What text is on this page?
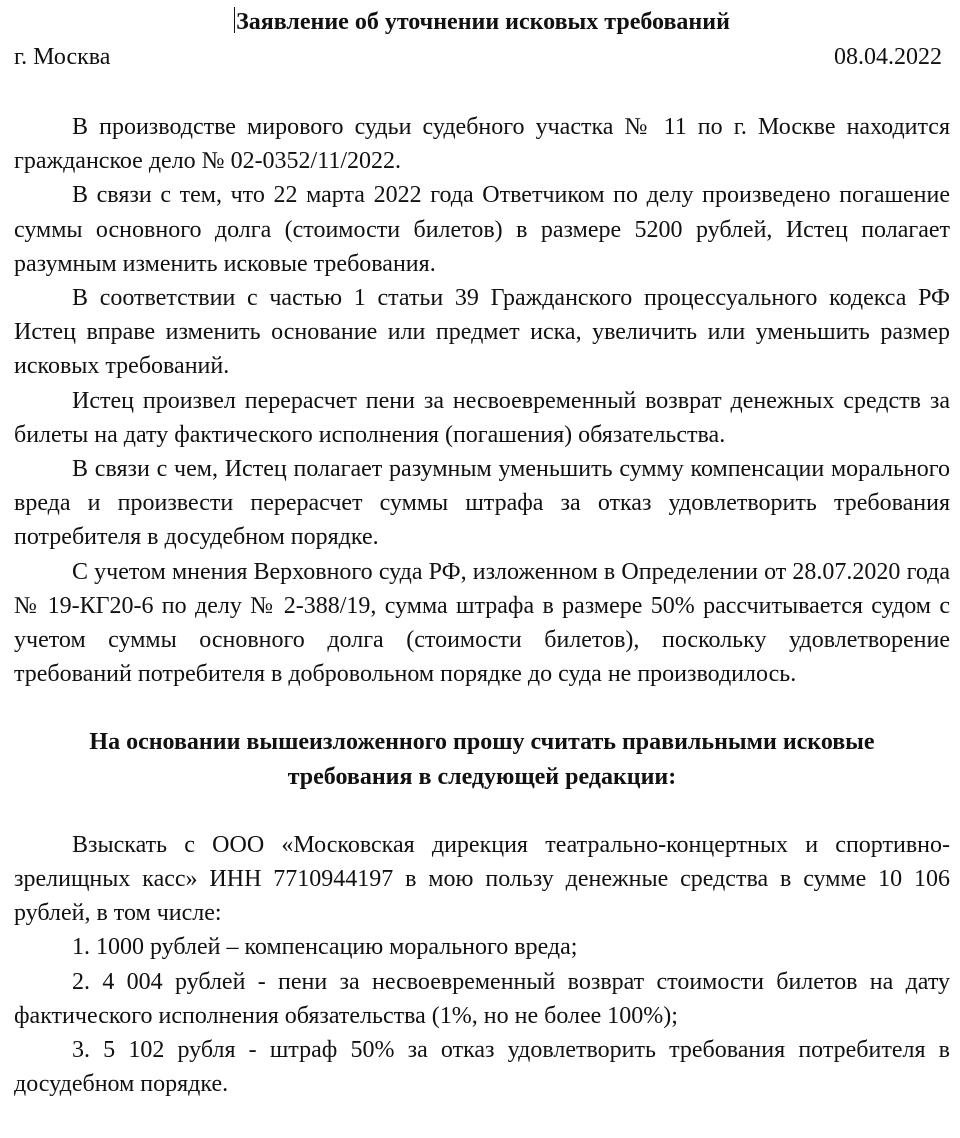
Заявление об уточнении исковых требований
г. Москва	08.04.2022

В производстве мирового судьи судебного участка № 11 по г. Москве находится гражданское дело № 02-0352/11/2022.

В связи с тем, что 22 марта 2022 года Ответчиком по делу произведено погашение суммы основного долга (стоимости билетов) в размере 5200 рублей, Истец полагает разумным изменить исковые требования.

В соответствии с частью 1 статьи 39 Гражданского процессуального кодекса РФ Истец вправе изменить основание или предмет иска, увеличить или уменьшить размер исковых требований.

Истец произвел перерасчет пени за несвоевременный возврат денежных средств за билеты на дату фактического исполнения (погашения) обязательства.

В связи с чем, Истец полагает разумным уменьшить сумму компенсации морального вреда и произвести перерасчет суммы штрафа за отказ удовлетворить требования потребителя в досудебном порядке.

С учетом мнения Верховного суда РФ, изложенном в Определении от 28.07.2020 года № 19-КГ20-6 по делу № 2-388/19, сумма штрафа в размере 50% рассчитывается судом с учетом суммы основного долга (стоимости билетов), поскольку удовлетворение требований потребителя в добровольном порядке до суда не производилось.

На основании вышеизложенного прошу считать правильными исковые требования в следующей редакции:

Взыскать с ООО «Московская дирекция театрально-концертных и спортивно-зрелищных касс» ИНН 7710944197 в мою пользу денежные средства в сумме 10 106 рублей, в том числе:

1. 1000 рублей – компенсацию морального вреда;

2. 4 004 рублей - пени за несвоевременный возврат стоимости билетов на дату фактического исполнения обязательства (1%, но не более 100%);

3. 5 102 рубля - штраф 50% за отказ удовлетворить требования потребителя в досудебном порядке.
